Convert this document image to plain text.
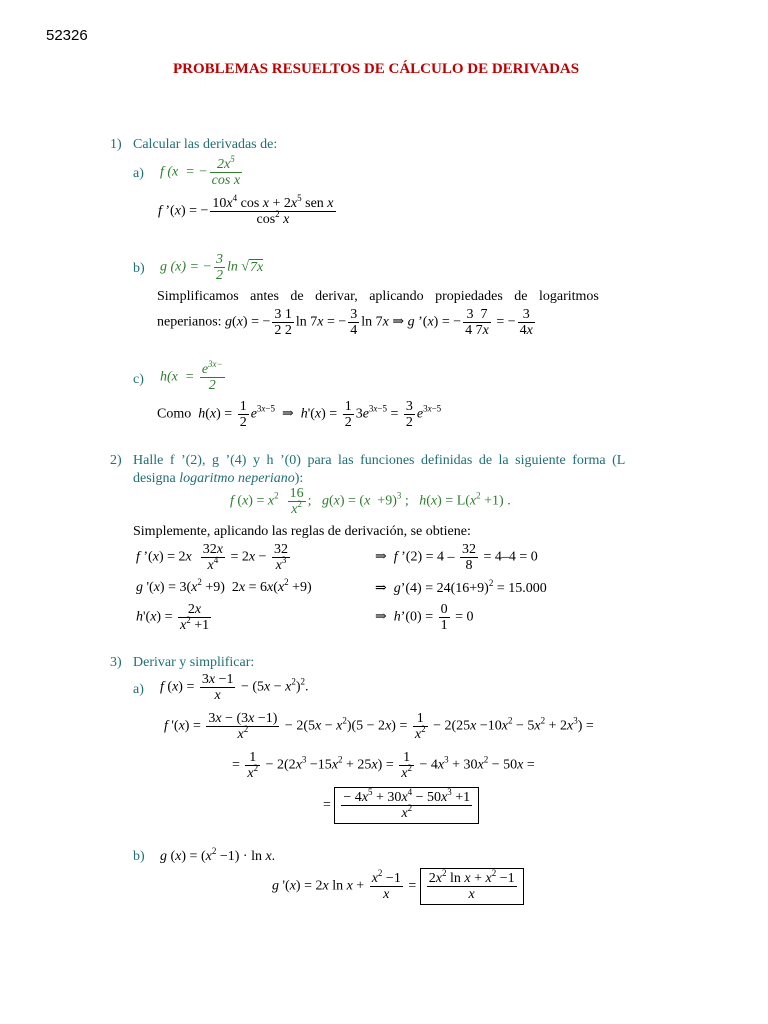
52326
PROBLEMAS RESUELTOS DE CÁLCULO DE DERIVADAS
1) Calcular las derivadas de:
a) f (x  = − $\frac{2x^5}{\text{cos x}}$
f ’(x) = − $\frac{10x^4 \cos x + 2x^5 sen x}{\cos^2 x}$
b) g (x) = − $\frac{3}{2}$ ln √7x
Simplificamos antes de derivar, aplicando propiedades de logaritmos
neperianos: g(x) = − $\frac{3 1}{2 2}$ ln 7x = − $\frac{3}{4}$ ln 7x ⇒ g ’(x) = − $\frac{3 7}{4 7x}$ = − $\frac{3}{4x}$
c) $h(x = \frac{e^{3x-}}{2}$
Como $h(x) = \frac{1}{2} e^{3x-5}$  ⇒  $h'(x) = \frac{1}{2} 3e^{3x-5} = \frac{3}{2} e^{3x-5}$
2) Halle f ’(2), g ’(4) y h ’(0) para las funciones definidas de la siguiente forma (L
designa logaritmo neperiano):
f $(x) = x^2 \frac{16}{x^2}$ ;   $g(x) = (x +9)^3$ ;   $h(x) = L(x^2 +1)$ .
Simplemente, aplicando las reglas de derivación, se obtiene:
f ’(x) = $2x \frac{32x}{x^4} = 2x - \frac{32}{x^3}$	⇒  f ’(2) = $4 - \frac{32}{8} = 4-4 = 0$
g '$(x) = 3(x^2 +9) 2x = 6x(x^2 +9)$	⇒  g’(4) = $24(16+9)^2 = 15.000$
$h'(x) = \frac{2x}{x^2 +1}$	⇒  h’(0) = $\frac{0}{1} = 0$
3) Derivar y simplificar:
a) f $(x) = \frac{3x -1}{x} - (5x - x^2)^2$.
f '$(x) = \frac{3x - (3x -1)}{x^2} - 2(5x - x^2)(5 - 2x) = \frac{1}{x^2} - 2(25x -10x^2 - 5x^2 + 2x^3)$ =
= $\frac{1}{x^2} - 2(2x^3 -15x^2 + 25x) = \frac{1}{x^2} - 4x^3 + 30x^2 - 50x$ =
= $\frac{- 4x^5 + 30x^4 - 50x^3 +1}{x^2}$
b) g $(x) = (x^2 -1) \cdot \ln x$.
g '(x) = 2x $\ln x + \frac{x^2 -1}{x} = \frac{2x^2 \ln x + x^2 -1}{x}$
